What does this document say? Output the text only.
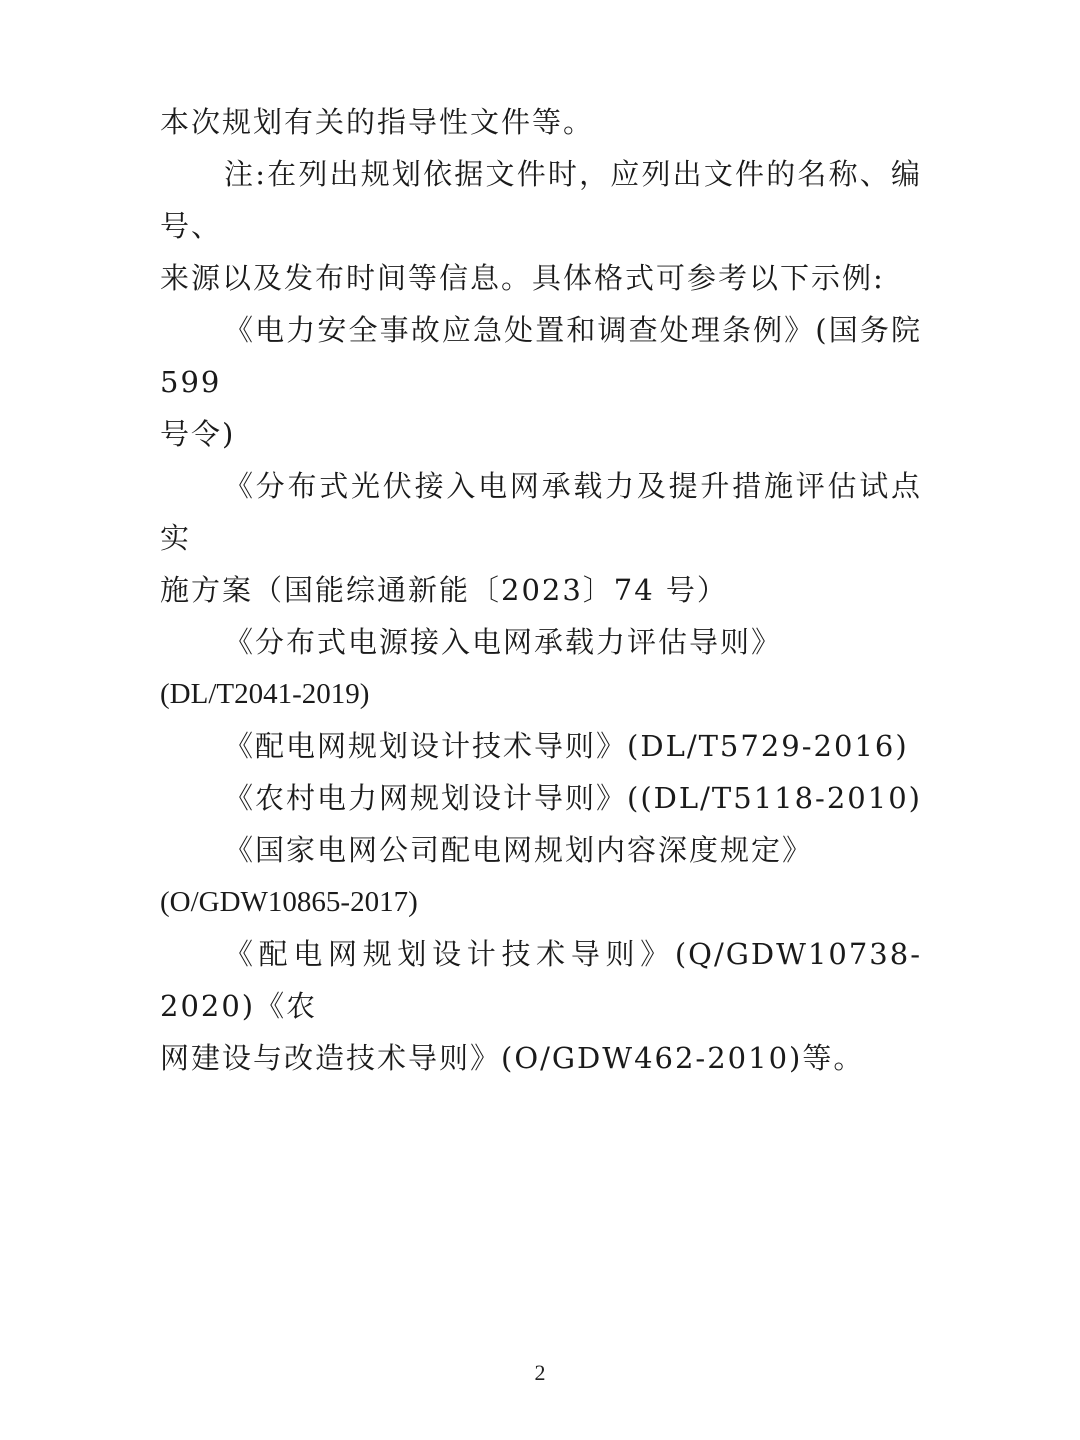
本次规划有关的指导性文件等。

注:在列出规划依据文件时，应列出文件的名称、编号、

来源以及发布时间等信息。具体格式可参考以下示例:

《电力安全事故应急处置和调查处理条例》(国务院 599

号令)

《分布式光伏接入电网承载力及提升措施评估试点实

施方案（国能综通新能〔2023〕74 号）

《分布式电源接入电网承载力评估导则》

(DL/T2041-2019)

《配电网规划设计技术导则》(DL/T5729-2016)

《农村电力网规划设计导则》((DL/T5118-2010)

《国家电网公司配电网规划内容深度规定》

(O/GDW10865-2017)

《配电网规划设计技术导则》(Q/GDW10738-2020)《农

网建设与改造技术导则》(O/GDW462-2010)等。

2
